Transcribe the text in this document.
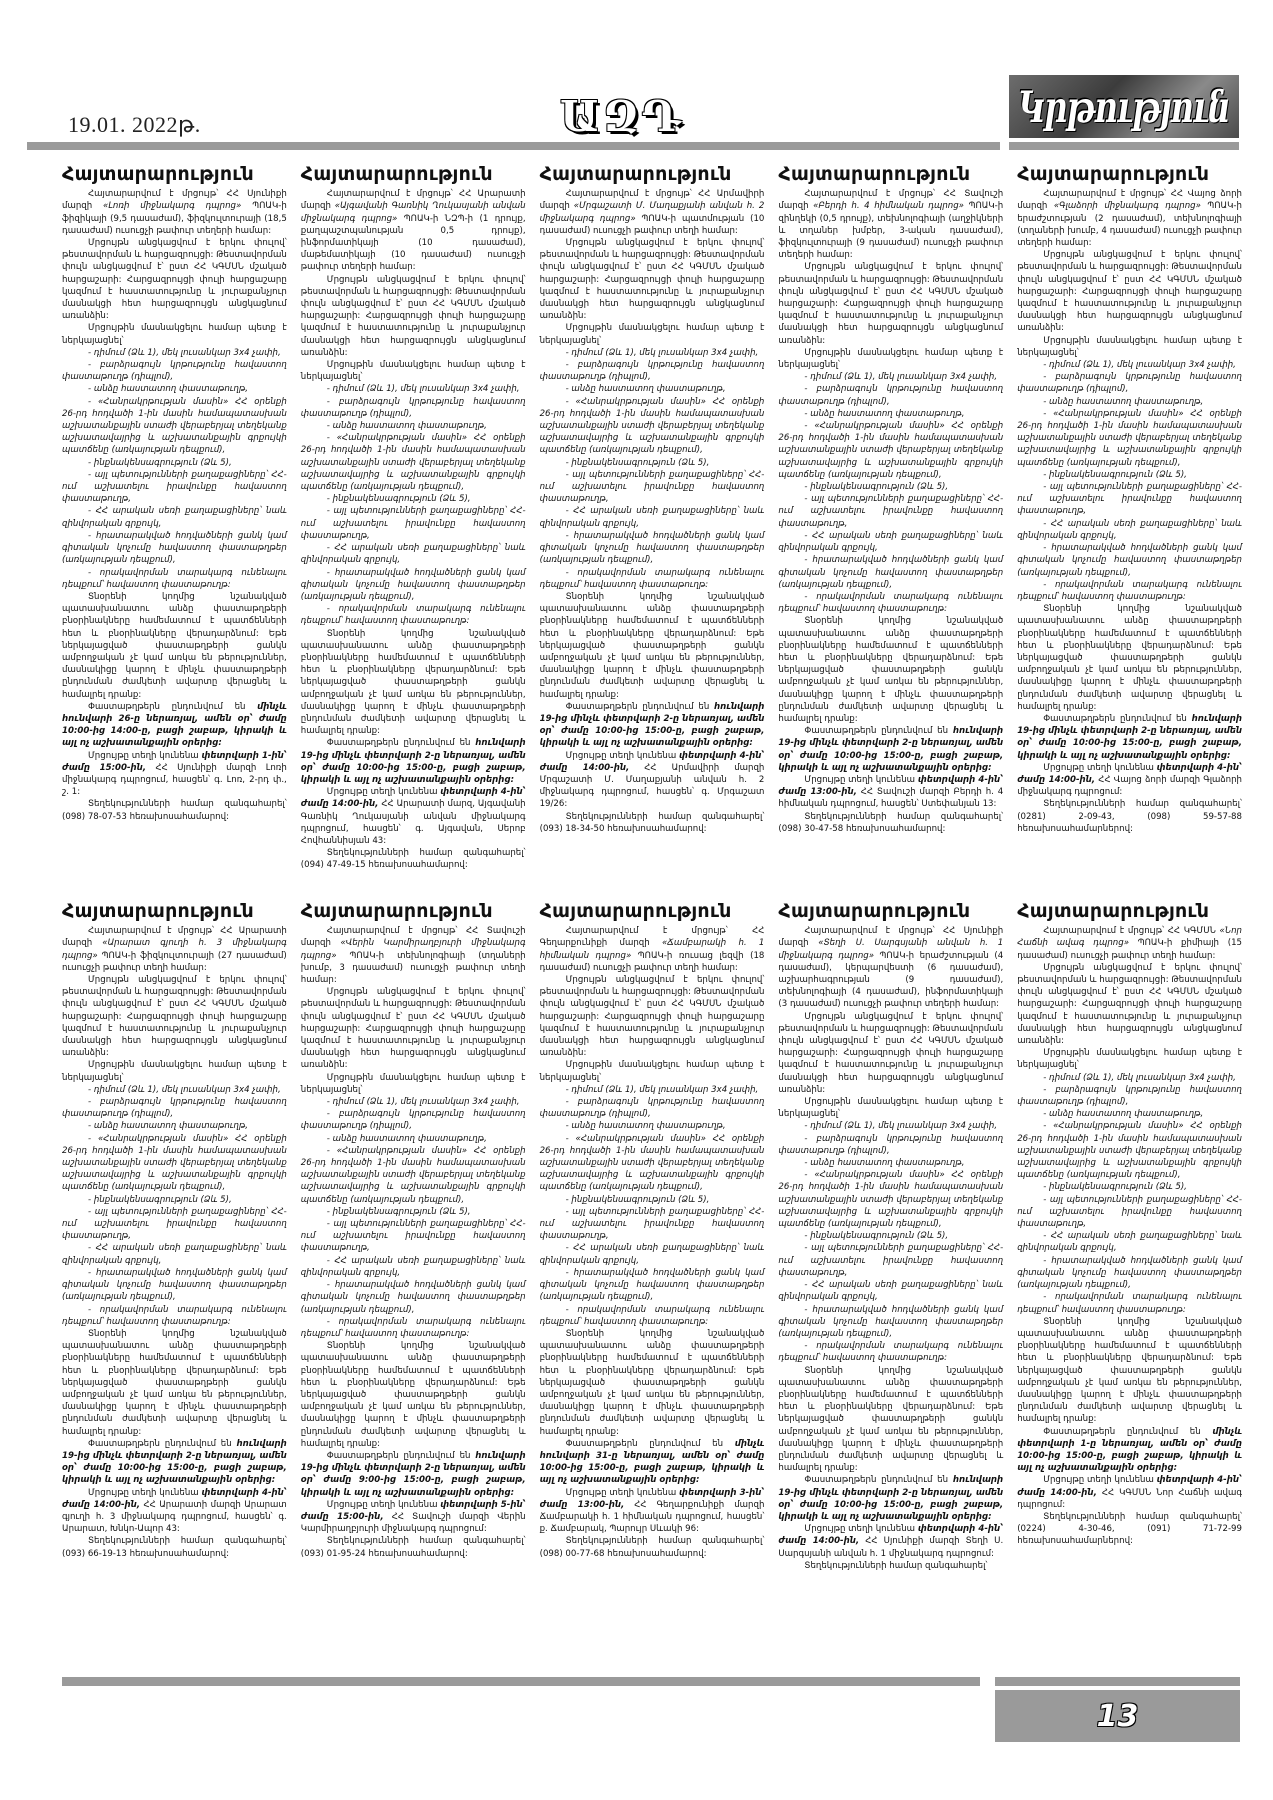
19.01. 2022թ.	ԱԶԴ	Կրթություն
Հայտարարություն

Հայտարարվում է մրցույթ՝ ՀՀ Սյունիքի մարզի «Լոռի միջնակարգ դպրոց» ՊՈԱԿ-ի ֆիզիկայի (9,5 դասաժամ), ֆիզկուլտուրայի (18,5 դասաժամ) ուսուցչի թափուր տեղերի համար:

Մրցույթն անցկացվում է երկու փուլով՝ թեստավորման և հարցազրույցի: Թեստավորման փուլն անցկացվում է՝ ըստ ՀՀ ԿԳՄՍՆ մշակած հարցաշարի: Հարցազրույցի փուլի հարցաշարը կազմում է հաստատությունը և յուրաքանչյուր մասնակցի հետ հարցազրույցն անցկացնում առանձին:

Մրցույթին մասնակցելու համար պետք է ներկայացնել՝

- դիմում (Ձև 1), մեկ լուսանկար 3x4 չափի,

- բարձրագույն կրթությունը հավաստող փաստաթուղթ (դիպլոմ),

- անձը հաստատող փաստաթուղթ,

- «Հանրակրթության մասին» ՀՀ օրենքի 26-րդ հոդվածի 1-ին մասին համապատասխան աշխատանքային ստաժի վերաբերյալ տեղեկանք աշխատավայրից և աշխատանքային գրքույկի պատճենը (առկայության դեպքում),

- ինքնակենսագրություն (Ձև 5),

- այլ պետությունների քաղաքացիները՝ ՀՀ-ում աշխատելու իրավունքը հավաստող փաստաթուղթ,

- ՀՀ արական սեռի քաղաքացիները՝ նաև զինվորական գրքույկ,

- հրատարակված հոդվածների ցանկ կամ գիտական կոչումը հավաստող փաստաթղթեր (առկայության դեպքում),

- որակավորման տարակարգ ունենալու դեպքում՝ հավաստող փաստաթուղթ:

Տնօրենի կողմից նշանակված պատասխանատու անձը փաստաթղթերի բնօրինակները համեմատում է պատճենների հետ և բնօրինակները վերադարձնում: Եթե ներկայացված փաստաթղթերի ցանկն ամբողջական չէ կամ առկա են թերություններ, մասնակիցը կարող է մինչև փաստաթղթերի ընդունման ժամկետի ավարտը վերացնել և համալրել դրանք:

Փաստաթղթերն ընդունվում են մինչև հունվարի 26-ը ներառյալ, ամեն օր՝ ժամը 10:00-ից 14:00-ը, բացի շաբաթ, կիրակի և այլ ոչ աշխատանքային օրերից:

Մրցույթը տեղի կունենա փետրվարի 1-ին՝ ժամը 15:00-ին, ՀՀ Սյունիքի մարզի Լոռի միջնակարգ դպրոցում, հասցեն՝ գ. Լոռ, 2-րդ փ., շ. 1:

Տեղեկությունների համար զանգահարել՝ (098) 78-07-53 հեռախոսահամարով:

Հայտարարություն

Հայտարարվում է մրցույթ՝ ՀՀ Արարատի մարզի «Այգավանի Գառնիկ Ղուկասյանի անվան միջնակարգ դպրոց» ՊՈԱԿ-ի ՆԶՊ-ի (1 դրույք, քաղպաշտպանության 0,5 դրույք), ինֆորմատիկայի (10 դասաժամ), մաթեմատիկայի (10 դասաժամ) ուսուցչի թափուր տեղերի համար:

Մրցույթն անցկացվում է երկու փուլով՝ թեստավորման և հարցազրույցի: Թեստավորման փուլն անցկացվում է՝ ըստ ՀՀ ԿԳՄՍՆ մշակած հարցաշարի: Հարցազրույցի փուլի հարցաշարը կազմում է հաստատությունը և յուրաքանչյուր մասնակցի հետ հարցազրույցն անցկացնում առանձին:

Մրցույթին մասնակցելու համար պետք է ներկայացնել՝

- դիմում (Ձև 1), մեկ լուսանկար 3x4 չափի,

- բարձրագույն կրթությունը հավաստող փաստաթուղթ (դիպլոմ),

- անձը հաստատող փաստաթուղթ,

- «Հանրակրթության մասին» ՀՀ օրենքի 26-րդ հոդվածի 1-ին մասին համապատասխան աշխատանքային ստաժի վերաբերյալ տեղեկանք աշխատավայրից և աշխատանքային գրքույկի պատճենը (առկայության դեպքում),

- ինքնակենսագրություն (Ձև 5),

- այլ պետությունների քաղաքացիները՝ ՀՀ-ում աշխատելու իրավունքը հավաստող փաստաթուղթ,

- ՀՀ արական սեռի քաղաքացիները՝ նաև զինվորական գրքույկ,

- հրատարակված հոդվածների ցանկ կամ գիտական կոչումը հավաստող փաստաթղթեր (առկայության դեպքում),

- որակավորման տարակարգ ունենալու դեպքում՝ հավաստող փաստաթուղթ:

Տնօրենի կողմից նշանակված պատասխանատու անձը փաստաթղթերի բնօրինակները համեմատում է պատճենների հետ և բնօրինակները վերադարձնում: Եթե ներկայացված փաստաթղթերի ցանկն ամբողջական չէ կամ առկա են թերություններ, մասնակիցը կարող է մինչև փաստաթղթերի ընդունման ժամկետի ավարտը վերացնել և համալրել դրանք:

Փաստաթղթերն ընդունվում են հունվարի 19-ից մինչև փետրվարի 2-ը ներառյալ, ամեն օր՝ ժամը 10:00-ից 15:00-ը, բացի շաբաթ, կիրակի և այլ ոչ աշխատանքային օրերից:

Մրցույթը տեղի կունենա փետրվարի 4-ին՝ ժամը 14:00-ին, ՀՀ Արարատի մարզ, Այգավանի Գառնիկ Ղուկասյանի անվան միջնակարգ դպրոցում, հասցեն՝ գ. Այգավան, Սերոբ Հովհաննիսյան 43:

Տեղեկությունների համար զանգահարել՝ (094) 47-49-15 հեռախոսահամարով:

Հայտարարություն

Հայտարարվում է մրցույթ՝ ՀՀ Արմավիրի մարզի «Մրգաշատի Մ. Մաղաքյանի անվան հ. 2 միջնակարգ դպրոց» ՊՈԱԿ-ի պատմության (10 դասաժամ) ուսուցչի թափուր տեղի համար:

Մրցույթն անցկացվում է երկու փուլով՝ թեստավորման և հարցազրույցի: Թեստավորման փուլն անցկացվում է՝ ըստ ՀՀ ԿԳՄՍՆ մշակած հարցաշարի: Հարցազրույցի փուլի հարցաշարը կազմում է հաստատությունը և յուրաքանչյուր մասնակցի հետ հարցազրույցն անցկացնում առանձին:

Մրցույթին մասնակցելու համար պետք է ներկայացնել՝

- դիմում (Ձև 1), մեկ լուսանկար 3x4 չափի,

- բարձրագույն կրթությունը հավաստող փաստաթուղթ (դիպլոմ),

- անձը հաստատող փաստաթուղթ,

- «Հանրակրթության մասին» ՀՀ օրենքի 26-րդ հոդվածի 1-ին մասին համապատասխան աշխատանքային ստաժի վերաբերյալ տեղեկանք աշխատավայրից և աշխատանքային գրքույկի պատճենը (առկայության դեպքում),

- ինքնակենսագրություն (Ձև 5),

- այլ պետությունների քաղաքացիները՝ ՀՀ-ում աշխատելու իրավունքը հավաստող փաստաթուղթ,

- ՀՀ արական սեռի քաղաքացիները՝ նաև զինվորական գրքույկ,

- հրատարակված հոդվածների ցանկ կամ գիտական կոչումը հավաստող փաստաթղթեր (առկայության դեպքում),

- որակավորման տարակարգ ունենալու դեպքում՝ հավաստող փաստաթուղթ:

Տնօրենի կողմից նշանակված պատասխանատու անձը փաստաթղթերի բնօրինակները համեմատում է պատճենների հետ և բնօրինակները վերադարձնում: Եթե ներկայացված փաստաթղթերի ցանկն ամբողջական չէ կամ առկա են թերություններ, մասնակիցը կարող է մինչև փաստաթղթերի ընդունման ժամկետի ավարտը վերացնել և համալրել դրանք:

Փաստաթղթերն ընդունվում են հունվարի 19-ից մինչև փետրվարի 2-ը ներառյալ, ամեն օր՝ ժամը 10:00-ից 15:00-ը, բացի շաբաթ, կիրակի և այլ ոչ աշխատանքային օրերից:

Մրցույթը տեղի կունենա փետրվարի 4-ին՝ ժամը 14:00-ին, ՀՀ Արմավիրի մարզի Մրգաշատի Մ. Մաղաքյանի անվան հ. 2 միջնակարգ դպրոցում, հասցեն՝ գ. Մրգաշատ 19/26:

Տեղեկությունների համար զանգահարել՝ (093) 18-34-50 հեռախոսահամարով:

Հայտարարություն

Հայտարարվում է մրցույթ՝ ՀՀ Տավուշի մարզի «Բերդի հ. 4 հիմնական դպրոց» ՊՈԱԿ-ի զինղեկի (0,5 դրույք), տեխնոլոգիայի (աղջիկների և տղաներ խմբեր, 3-ական դասաժամ), ֆիզկուլտուրայի (9 դասաժամ) ուսուցչի թափուր տեղերի համար:

Մրցույթն անցկացվում է երկու փուլով՝ թեստավորման և հարցազրույցի: Թեստավորման փուլն անցկացվում է՝ ըստ ՀՀ ԿԳՄՍՆ մշակած հարցաշարի: Հարցազրույցի փուլի հարցաշարը կազմում է հաստատությունը և յուրաքանչյուր մասնակցի հետ հարցազրույցն անցկացնում առանձին:

Մրցույթին մասնակցելու համար պետք է ներկայացնել՝

- դիմում (Ձև 1), մեկ լուսանկար 3x4 չափի,

- բարձրագույն կրթությունը հավաստող փաստաթուղթ (դիպլոմ),

- անձը հաստատող փաստաթուղթ,

- «Հանրակրթության մասին» ՀՀ օրենքի 26-րդ հոդվածի 1-ին մասին համապատասխան աշխատանքային ստաժի վերաբերյալ տեղեկանք աշխատավայրից և աշխատանքային գրքույկի պատճենը (առկայության դեպքում),

- ինքնակենսագրություն (Ձև 5),

- այլ պետությունների քաղաքացիները՝ ՀՀ-ում աշխատելու իրավունքը հավաստող փաստաթուղթ,

- ՀՀ արական սեռի քաղաքացիները՝ նաև զինվորական գրքույկ,

- հրատարակված հոդվածների ցանկ կամ գիտական կոչումը հավաստող փաստաթղթեր (առկայության դեպքում),

- որակավորման տարակարգ ունենալու դեպքում՝ հավաստող փաստաթուղթ:

Տնօրենի կողմից նշանակված պատասխանատու անձը փաստաթղթերի բնօրինակները համեմատում է պատճենների հետ և բնօրինակները վերադարձնում: Եթե ներկայացված փաստաթղթերի ցանկն ամբողջական չէ կամ առկա են թերություններ, մասնակիցը կարող է մինչև փաստաթղթերի ընդունման ժամկետի ավարտը վերացնել և համալրել դրանք:

Փաստաթղթերն ընդունվում են հունվարի 19-ից մինչև փետրվարի 2-ը ներառյալ, ամեն օր՝ ժամը 10:00-ից 15:00-ը, բացի շաբաթ, կիրակի և այլ ոչ աշխատանքային օրերից:

Մրցույթը տեղի կունենա փետրվարի 4-ին՝ ժամը 13:00-ին, ՀՀ Տավուշի մարզի Բերդի հ. 4 հիմնական դպրոցում, հասցեն՝ Ստեփանյան 13:

Տեղեկությունների համար զանգահարել՝ (098) 30-47-58 հեռախոսահամարով:

Հայտարարություն

Հայտարարվում է մրցույթ՝ ՀՀ Վայոց ձորի մարզի «Գլաձորի միջնակարգ դպրոց» ՊՈԱԿ-ի երաժշտության (2 դասաժամ), տեխնոլոգիայի (տղաների խումբ, 4 դասաժամ) ուսուցչի թափուր տեղերի համար:

Մրցույթն անցկացվում է երկու փուլով՝ թեստավորման և հարցազրույցի: Թեստավորման փուլն անցկացվում է՝ ըստ ՀՀ ԿԳՄՍՆ մշակած հարցաշարի: Հարցազրույցի փուլի հարցաշարը կազմում է հաստատությունը և յուրաքանչյուր մասնակցի հետ հարցազրույցն անցկացնում առանձին:

Մրցույթին մասնակցելու համար պետք է ներկայացնել՝

- դիմում (Ձև 1), մեկ լուսանկար 3x4 չափի,

- բարձրագույն կրթությունը հավաստող փաստաթուղթ (դիպլոմ),

- անձը հաստատող փաստաթուղթ,

- «Հանրակրթության մասին» ՀՀ օրենքի 26-րդ հոդվածի 1-ին մասին համապատասխան աշխատանքային ստաժի վերաբերյալ տեղեկանք աշխատավայրից և աշխատանքային գրքույկի պատճենը (առկայության դեպքում),

- ինքնակենսագրություն (Ձև 5),

- այլ պետությունների քաղաքացիները՝ ՀՀ-ում աշխատելու իրավունքը հավաստող փաստաթուղթ,

- ՀՀ արական սեռի քաղաքացիները՝ նաև զինվորական գրքույկ,

- հրատարակված հոդվածների ցանկ կամ գիտական կոչումը հավաստող փաստաթղթեր (առկայության դեպքում),

- որակավորման տարակարգ ունենալու դեպքում՝ հավաստող փաստաթուղթ:

Տնօրենի կողմից նշանակված պատասխանատու անձը փաստաթղթերի բնօրինակները համեմատում է պատճենների հետ և բնօրինակները վերադարձնում: Եթե ներկայացված փաստաթղթերի ցանկն ամբողջական չէ կամ առկա են թերություններ, մասնակիցը կարող է մինչև փաստաթղթերի ընդունման ժամկետի ավարտը վերացնել և համալրել դրանք:

Փաստաթղթերն ընդունվում են հունվարի 19-ից մինչև փետրվարի 2-ը ներառյալ, ամեն օր՝ ժամը 10:00-ից 15:00-ը, բացի շաբաթ, կիրակի և այլ ոչ աշխատանքային օրերից:

Մրցույթը տեղի կունենա փետրվարի 4-ին՝ ժամը 14:00-ին, ՀՀ Վայոց ձորի մարզի Գլաձորի միջնակարգ դպրոցում:

Տեղեկությունների համար զանգահարել՝ (0281) 2-09-43, (098) 59-57-88 հեռախոսահամարներով:

Հայտարարություն

Հայտարարվում է մրցույթ՝ ՀՀ Արարատի մարզի «Արարատ գյուղի հ. 3 միջնակարգ դպրոց» ՊՈԱԿ-ի ֆիզկուլտուրայի (27 դասաժամ) ուսուցչի թափուր տեղի համար:

Մրցույթն անցկացվում է երկու փուլով՝ թեստավորման և հարցազրույցի: Թեստավորման փուլն անցկացվում է՝ ըստ ՀՀ ԿԳՄՍՆ մշակած հարցաշարի: Հարցազրույցի փուլի հարցաշարը կազմում է հաստատությունը և յուրաքանչյուր մասնակցի հետ հարցազրույցն անցկացնում առանձին:

Մրցույթին մասնակցելու համար պետք է ներկայացնել՝

- դիմում (Ձև 1), մեկ լուսանկար 3x4 չափի,

- բարձրագույն կրթությունը հավաստող փաստաթուղթ (դիպլոմ),

- անձը հաստատող փաստաթուղթ,

- «Հանրակրթության մասին» ՀՀ օրենքի 26-րդ հոդվածի 1-ին մասին համապատասխան աշխատանքային ստաժի վերաբերյալ տեղեկանք աշխատավայրից և աշխատանքային գրքույկի պատճենը (առկայության դեպքում),

- ինքնակենսագրություն (Ձև 5),

- այլ պետությունների քաղաքացիները՝ ՀՀ-ում աշխատելու իրավունքը հավաստող փաստաթուղթ,

- ՀՀ արական սեռի քաղաքացիները՝ նաև զինվորական գրքույկ,

- հրատարակված հոդվածների ցանկ կամ գիտական կոչումը հավաստող փաստաթղթեր (առկայության դեպքում),

- որակավորման տարակարգ ունենալու դեպքում՝ հավաստող փաստաթուղթ:

Տնօրենի կողմից նշանակված պատասխանատու անձը փաստաթղթերի բնօրինակները համեմատում է պատճենների հետ և բնօրինակները վերադարձնում: Եթե ներկայացված փաստաթղթերի ցանկն ամբողջական չէ կամ առկա են թերություններ, մասնակիցը կարող է մինչև փաստաթղթերի ընդունման ժամկետի ավարտը վերացնել և համալրել դրանք:

Փաստաթղթերն ընդունվում են հունվարի 19-ից մինչև փետրվարի 2-ը ներառյալ, ամեն օր՝ ժամը 10:00-ից 15:00-ը, բացի շաբաթ, կիրակի և այլ ոչ աշխատանքային օրերից:

Մրցույթը տեղի կունենա փետրվարի 4-ին՝ ժամը 14:00-ին, ՀՀ Արարատի մարզի Արարատ գյուղի հ. 3 միջնակարգ դպրոցում, հասցեն՝ գ. Արարատ, Խնկո-Ապոր 43:

Տեղեկությունների համար զանգահարել՝ (093) 66-19-13 հեռախոսահամարով:

Հայտարարություն

Հայտարարվում է մրցույթ՝ ՀՀ Տավուշի մարզի «Վերին Կարմիրաղբյուրի միջնակարգ դպրոց» ՊՈԱԿ-ի տեխնոլոգիայի (տղաների խումբ, 3 դասաժամ) ուսուցչի թափուր տեղի համար:

Մրցույթն անցկացվում է երկու փուլով՝ թեստավորման և հարցազրույցի: Թեստավորման փուլն անցկացվում է՝ ըստ ՀՀ ԿԳՄՍՆ մշակած հարցաշարի: Հարցազրույցի փուլի հարցաշարը կազմում է հաստատությունը և յուրաքանչյուր մասնակցի հետ հարցազրույցն անցկացնում առանձին:

Մրցույթին մասնակցելու համար պետք է ներկայացնել՝

- դիմում (Ձև 1), մեկ լուսանկար 3x4 չափի,

- բարձրագույն կրթությունը հավաստող փաստաթուղթ (դիպլոմ),

- անձը հաստատող փաստաթուղթ,

- «Հանրակրթության մասին» ՀՀ օրենքի 26-րդ հոդվածի 1-ին մասին համապատասխան աշխատանքային ստաժի վերաբերյալ տեղեկանք աշխատավայրից և աշխատանքային գրքույկի պատճենը (առկայության դեպքում),

- ինքնակենսագրություն (Ձև 5),

- այլ պետությունների քաղաքացիները՝ ՀՀ-ում աշխատելու իրավունքը հավաստող փաստաթուղթ,

- ՀՀ արական սեռի քաղաքացիները՝ նաև զինվորական գրքույկ,

- հրատարակված հոդվածների ցանկ կամ գիտական կոչումը հավաստող փաստաթղթեր (առկայության դեպքում),

- որակավորման տարակարգ ունենալու դեպքում՝ հավաստող փաստաթուղթ:

Տնօրենի կողմից նշանակված պատասխանատու անձը փաստաթղթերի բնօրինակները համեմատում է պատճենների հետ և բնօրինակները վերադարձնում: Եթե ներկայացված փաստաթղթերի ցանկն ամբողջական չէ կամ առկա են թերություններ, մասնակիցը կարող է մինչև փաստաթղթերի ընդունման ժամկետի ավարտը վերացնել և համալրել դրանք:

Փաստաթղթերն ընդունվում են հունվարի 19-ից մինչև փետրվարի 2-ը ներառյալ, ամեն օր՝ ժամը 9:00-ից 15:00-ը, բացի շաբաթ, կիրակի և այլ ոչ աշխատանքային օրերից:

Մրցույթը տեղի կունենա փետրվարի 5-ին՝ ժամը 15:00-ին, ՀՀ Տավուշի մարզի Վերին Կարմիրաղբյուրի միջնակարգ դպրոցում:

Տեղեկությունների համար զանգահարել՝ (093) 01-95-24 հեռախոսահամարով:

Հայտարարություն

Հայտարարվում է մրցույթ՝ ՀՀ Գեղարքունիքի մարզի «Ճամբարակի հ. 1 հիմնական դպրոց» ՊՈԱԿ-ի ռուսաց լեզվի (18 դասաժամ) ուսուցչի թափուր տեղի համար:

Մրցույթն անցկացվում է երկու փուլով՝ թեստավորման և հարցազրույցի: Թեստավորման փուլն անցկացվում է՝ ըստ ՀՀ ԿԳՄՍՆ մշակած հարցաշարի: Հարցազրույցի փուլի հարցաշարը կազմում է հաստատությունը և յուրաքանչյուր մասնակցի հետ հարցազրույցն անցկացնում առանձին:

Մրցույթին մասնակցելու համար պետք է ներկայացնել՝

- դիմում (Ձև 1), մեկ լուսանկար 3x4 չափի,

- բարձրագույն կրթությունը հավաստող փաստաթուղթ (դիպլոմ),

- անձը հաստատող փաստաթուղթ,

- «Հանրակրթության մասին» ՀՀ օրենքի 26-րդ հոդվածի 1-ին մասին համապատասխան աշխատանքային ստաժի վերաբերյալ տեղեկանք աշխատավայրից և աշխատանքային գրքույկի պատճենը (առկայության դեպքում),

- ինքնակենսագրություն (Ձև 5),

- այլ պետությունների քաղաքացիները՝ ՀՀ-ում աշխատելու իրավունքը հավաստող փաստաթուղթ,

- ՀՀ արական սեռի քաղաքացիները՝ նաև զինվորական գրքույկ,

- հրատարակված հոդվածների ցանկ կամ գիտական կոչումը հավաստող փաստաթղթեր (առկայության դեպքում),

- որակավորման տարակարգ ունենալու դեպքում՝ հավաստող փաստաթուղթ:

Տնօրենի կողմից նշանակված պատասխանատու անձը փաստաթղթերի բնօրինակները համեմատում է պատճենների հետ և բնօրինակները վերադարձնում: Եթե ներկայացված փաստաթղթերի ցանկն ամբողջական չէ կամ առկա են թերություններ, մասնակիցը կարող է մինչև փաստաթղթերի ընդունման ժամկետի ավարտը վերացնել և համալրել դրանք:

Փաստաթղթերն ընդունվում են մինչև հունվարի 31-ը ներառյալ, ամեն օր՝ ժամը 10:00-ից 15:00-ը, բացի շաբաթ, կիրակի և այլ ոչ աշխատանքային օրերից:

Մրցույթը տեղի կունենա փետրվարի 3-ին՝ ժամը 13:00-ին, ՀՀ Գեղարքունիքի մարզի Ճամբարակի հ. 1 հիմնական դպրոցում, հասցեն՝ ք. Ճամբարակ, Պարույր Սևակի 96:

Տեղեկությունների համար զանգահարել՝ (098) 00-77-68 հեռախոսահամարով:

Հայտարարություն

Հայտարարվում է մրցույթ՝ ՀՀ Սյունիքի մարզի «Տեղի Ս. Սարգսյանի անվան հ. 1 միջնակարգ դպրոց» ՊՈԱԿ-ի երաժշտության (4 դասաժամ), կերպարվեստի (6 դասաժամ), աշխարհագրության (9 դասաժամ), տեխնոլոգիայի (4 դասաժամ), ինֆորմատիկայի (3 դասաժամ) ուսուցչի թափուր տեղերի համար:

Մրցույթն անցկացվում է երկու փուլով՝ թեստավորման և հարցազրույցի: Թեստավորման փուլն անցկացվում է՝ ըստ ՀՀ ԿԳՄՍՆ մշակած հարցաշարի: Հարցազրույցի փուլի հարցաշարը կազմում է հաստատությունը և յուրաքանչյուր մասնակցի հետ հարցազրույցն անցկացնում առանձին:

Մրցույթին մասնակցելու համար պետք է ներկայացնել՝

- դիմում (Ձև 1), մեկ լուսանկար 3x4 չափի,

- բարձրագույն կրթությունը հավաստող փաստաթուղթ (դիպլոմ),

- անձը հաստատող փաստաթուղթ,

- «Հանրակրթության մասին» ՀՀ օրենքի 26-րդ հոդվածի 1-ին մասին համապատասխան աշխատանքային ստաժի վերաբերյալ տեղեկանք աշխատավայրից և աշխատանքային գրքույկի պատճենը (առկայության դեպքում),

- ինքնակենսագրություն (Ձև 5),

- այլ պետությունների քաղաքացիները՝ ՀՀ-ում աշխատելու իրավունքը հավաստող փաստաթուղթ,

- ՀՀ արական սեռի քաղաքացիները՝ նաև զինվորական գրքույկ,

- հրատարակված հոդվածների ցանկ կամ գիտական կոչումը հավաստող փաստաթղթեր (առկայության դեպքում),

- որակավորման տարակարգ ունենալու դեպքում՝ հավաստող փաստաթուղթ:

Տնօրենի կողմից նշանակված պատասխանատու անձը փաստաթղթերի բնօրինակները համեմատում է պատճենների հետ և բնօրինակները վերադարձնում: Եթե ներկայացված փաստաթղթերի ցանկն ամբողջական չէ կամ առկա են թերություններ, մասնակիցը կարող է մինչև փաստաթղթերի ընդունման ժամկետի ավարտը վերացնել և համալրել դրանք:

Փաստաթղթերն ընդունվում են հունվարի 19-ից մինչև փետրվարի 2-ը ներառյալ, ամեն օր՝ ժամը 10:00-ից 15:00-ը, բացի շաբաթ, կիրակի և այլ ոչ աշխատանքային օրերից:

Մրցույթը տեղի կունենա փետրվարի 4-ին՝ ժամը 14:00-ին, ՀՀ Սյունիքի մարզի Տեղի Ս. Սարգսյանի անվան հ. 1 միջնակարգ դպրոցում:

Տեղեկությունների համար զանգահարել՝

Հայտարարություն

Հայտարարվում է մրցույթ՝ ՀՀ ԿԳՄՍՆ «Նոր Հաճնի ավագ դպրոց» ՊՈԱԿ-ի քիմիայի (15 դասաժամ) ուսուցչի թափուր տեղի համար:

Մրցույթն անցկացվում է երկու փուլով՝ թեստավորման և հարցազրույցի: Թեստավորման փուլն անցկացվում է՝ ըստ ՀՀ ԿԳՄՍՆ մշակած հարցաշարի: Հարցազրույցի փուլի հարցաշարը կազմում է հաստատությունը և յուրաքանչյուր մասնակցի հետ հարցազրույցն անցկացնում առանձին:

Մրցույթին մասնակցելու համար պետք է ներկայացնել՝

- դիմում (Ձև 1), մեկ լուսանկար 3x4 չափի,

- բարձրագույն կրթությունը հավաստող փաստաթուղթ (դիպլոմ),

- անձը հաստատող փաստաթուղթ,

- «Հանրակրթության մասին» ՀՀ օրենքի 26-րդ հոդվածի 1-ին մասին համապատասխան աշխատանքային ստաժի վերաբերյալ տեղեկանք աշխատավայրից և աշխատանքային գրքույկի պատճենը (առկայության դեպքում),

- ինքնակենսագրություն (Ձև 5),

- այլ պետությունների քաղաքացիները՝ ՀՀ-ում աշխատելու իրավունքը հավաստող փաստաթուղթ,

- ՀՀ արական սեռի քաղաքացիները՝ նաև զինվորական գրքույկ,

- հրատարակված հոդվածների ցանկ կամ գիտական կոչումը հավաստող փաստաթղթեր (առկայության դեպքում),

- որակավորման տարակարգ ունենալու դեպքում՝ հավաստող փաստաթուղթ:

Տնօրենի կողմից նշանակված պատասխանատու անձը փաստաթղթերի բնօրինակները համեմատում է պատճենների հետ և բնօրինակները վերադարձնում: Եթե ներկայացված փաստաթղթերի ցանկն ամբողջական չէ կամ առկա են թերություններ, մասնակիցը կարող է մինչև փաստաթղթերի ընդունման ժամկետի ավարտը վերացնել և համալրել դրանք:

Փաստաթղթերն ընդունվում են մինչև փետրվարի 1-ը ներառյալ, ամեն օր՝ ժամը 10:00-ից 15:00-ը, բացի շաբաթ, կիրակի և այլ ոչ աշխատանքային օրերից:

Մրցույթը տեղի կունենա փետրվարի 4-ին՝ ժամը 14:00-ին, ՀՀ ԿԳՄՍՆ Նոր Հաճնի ավագ դպրոցում:

Տեղեկությունների համար զանգահարել՝ (0224) 4-30-46, (091) 71-72-99 հեռախոսահամարներով:

13
